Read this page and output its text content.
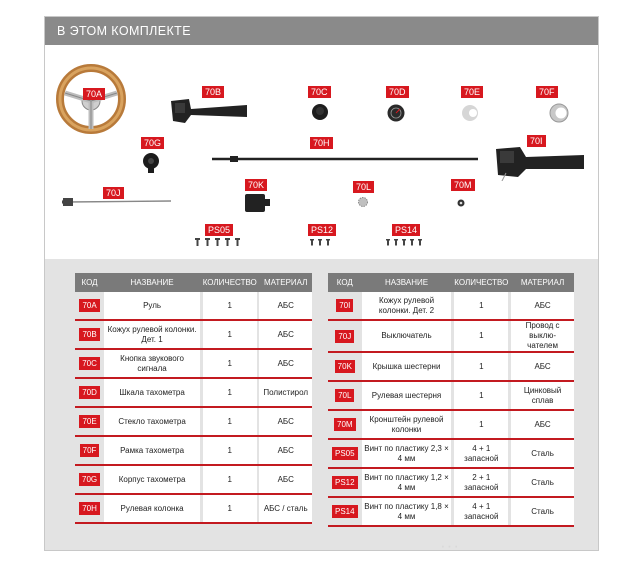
В ЭТОМ КОМПЛЕКТЕ
70A	70B	70C	70D	70E	70F
70G	70H	70I
70J
70K	70L	70M
PS05	PS12	PS14
КОД	НАЗВАНИЕ		КОЛИЧЕСТВО		МАТЕРИАЛ
70A	Руль		1		АБС
70B	Кожух рулевой колонки. Дет. 1		1		АБС
70C	Кнопка звукового сигнала		1		АБС
70D	Шкала тахометра		1		Полистирол
70E	Стекло тахометра		1		АБС
70F	Рамка тахометра		1		АБС
70G	Корпус тахометра		1		АБС
70H	Рулевая колонка		1		АБС / сталь
КОД	НАЗВАНИЕ		КОЛИЧЕСТВО		МАТЕРИАЛ
70I	Кожух рулевой колонки. Дет. 2		1		АБС
70J	Выключатель		1		Провод с выклю- чателем
70K	Крышка шестерни		1		АБС
70L	Рулевая шестерня		1		Цинковый сплав
70M	Кронштейн рулевой колонки		1		АБС
PS05	Винт по пластику 2,3 × 4 мм		4 + 1 запасной		Сталь
PS12	Винт по пластику 1,2 × 4 мм		2 + 1 запасной		Сталь
PS14	Винт по пластику 1,8 × 4 мм		4 + 1 запасной		Сталь
···
